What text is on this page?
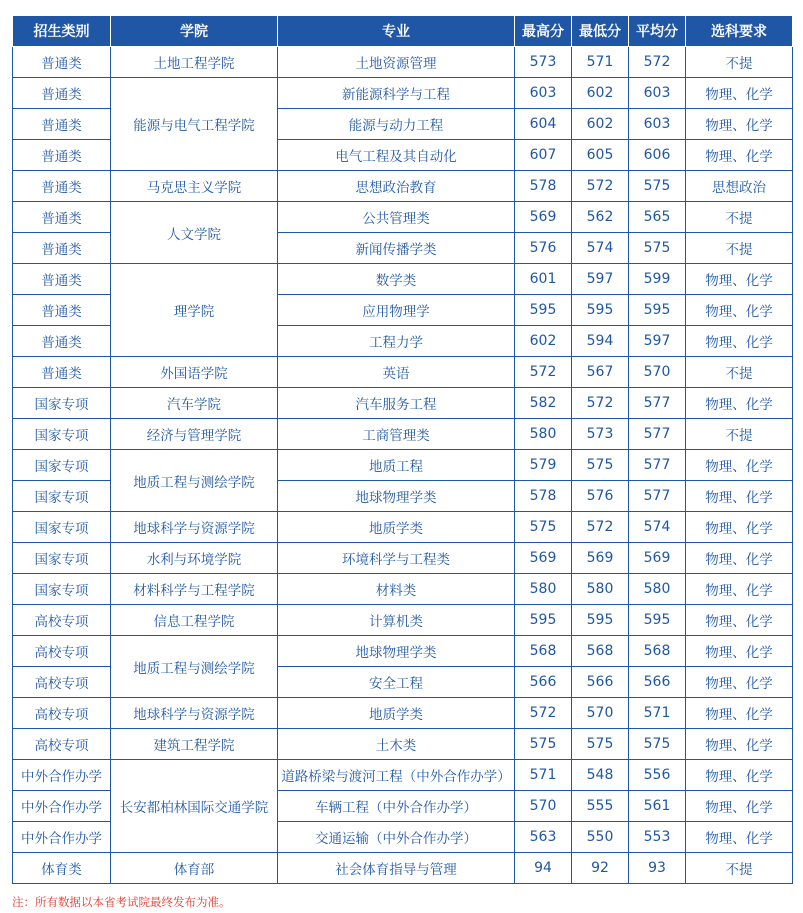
招生类别	学院	专业	最高分	最低分	平均分	选科要求
普通类	土地工程学院	土地资源管理	573	571	572	不提
普通类	能源与电气工程学院	新能源科学与工程	603	602	603	物理、化学
普通类		能源与动力工程	604	602	603	物理、化学
普通类		电气工程及其自动化	607	605	606	物理、化学
普通类	马克思主义学院	思想政治教育	578	572	575	思想政治
普通类	人文学院	公共管理类	569	562	565	不提
普通类		新闻传播学类	576	574	575	不提
普通类	理学院	数学类	601	597	599	物理、化学
普通类		应用物理学	595	595	595	物理、化学
普通类		工程力学	602	594	597	物理、化学
普通类	外国语学院	英语	572	567	570	不提
国家专项	汽车学院	汽车服务工程	582	572	577	物理、化学
国家专项	经济与管理学院	工商管理类	580	573	577	不提
国家专项	地质工程与测绘学院	地质工程	579	575	577	物理、化学
国家专项		地球物理学类	578	576	577	物理、化学
国家专项	地球科学与资源学院	地质学类	575	572	574	物理、化学
国家专项	水利与环境学院	环境科学与工程类	569	569	569	物理、化学
国家专项	材料科学与工程学院	材料类	580	580	580	物理、化学
高校专项	信息工程学院	计算机类	595	595	595	物理、化学
高校专项	地质工程与测绘学院	地球物理学类	568	568	568	物理、化学
高校专项		安全工程	566	566	566	物理、化学
高校专项	地球科学与资源学院	地质学类	572	570	571	物理、化学
高校专项	建筑工程学院	土木类	575	575	575	物理、化学
中外合作办学	长安都柏林国际交通学院	道路桥梁与渡河工程（中外合作办学）	571	548	556	物理、化学
中外合作办学		车辆工程（中外合作办学）	570	555	561	物理、化学
中外合作办学		交通运输（中外合作办学）	563	550	553	物理、化学
体育类	体育部	社会体育指导与管理	94	92	93	不提
注：所有数据以本省考试院最终发布为准。
